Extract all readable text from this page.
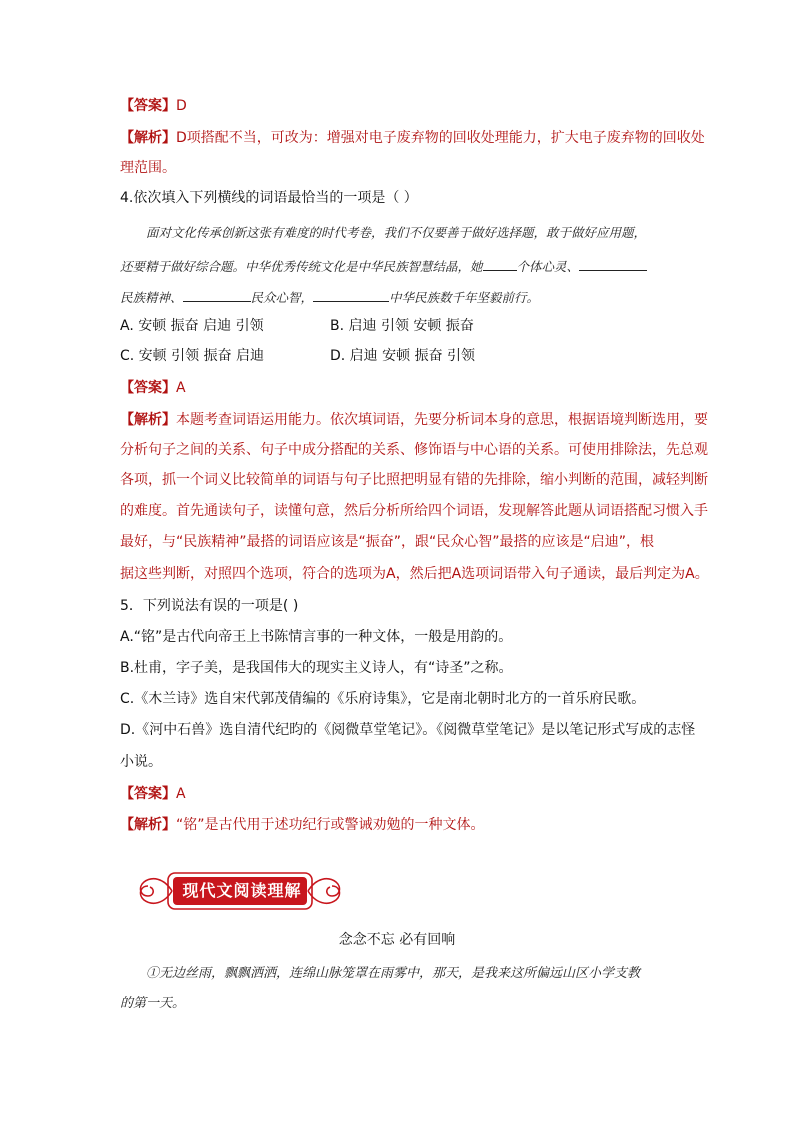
【答案】D
【解析】D项搭配不当，可改为：增强对电子废弃物的回收处理能力，扩大电子废弃物的回收处
理范围。
4.依次填入下列横线的词语最恰当的一项是（ ）
面对文化传承创新这张有难度的时代考卷，我们不仅要善于做好选择题，敢于做好应用题，
还要精于做好综合题。中华优秀传统文化是中华民族智慧结晶，她	个体心灵、
民族精神、	民众心智，	中华民族数千年坚毅前行。
A. 安顿 振奋 启迪 引领	B. 启迪 引领 安顿 振奋
C. 安顿 引领 振奋 启迪	D. 启迪 安顿 振奋 引领
【答案】A
【解析】本题考查词语运用能力。依次填词语，先要分析词本身的意思，根据语境判断选用，要
分析句子之间的关系、句子中成分搭配的关系、修饰语与中心语的关系。可使用排除法，先总观
各项，抓一个词义比较简单的词语与句子比照把明显有错的先排除，缩小判断的范围，减轻判断
的难度。首先通读句子，读懂句意，然后分析所给四个词语，发现解答此题从词语搭配习惯入手
最好，与“民族精神”最搭的词语应该是“振奋”，跟“民众心智”最搭的应该是“启迪”，根
据这些判断，对照四个选项，符合的选项为A，然后把A选项词语带入句子通读，最后判定为A。
5．下列说法有误的一项是( )
A.“铭”是古代向帝王上书陈情言事的一种文体，一般是用韵的。
B.杜甫，字子美，是我国伟大的现实主义诗人，有“诗圣”之称。
C.《木兰诗》选自宋代郭茂倩编的《乐府诗集》，它是南北朝时北方的一首乐府民歌。
D.《河中石兽》选自清代纪昀的《阅微草堂笔记》。《阅微草堂笔记》是以笔记形式写成的志怪
小说。
【答案】A
【解析】“铭”是古代用于述功纪行或警诫劝勉的一种文体。
现代文阅读理解
念念不忘 必有回响
①无边丝雨，飘飘洒洒，连绵山脉笼罩在雨雾中，那天，是我来这所偏远山区小学支教
的第一天。
